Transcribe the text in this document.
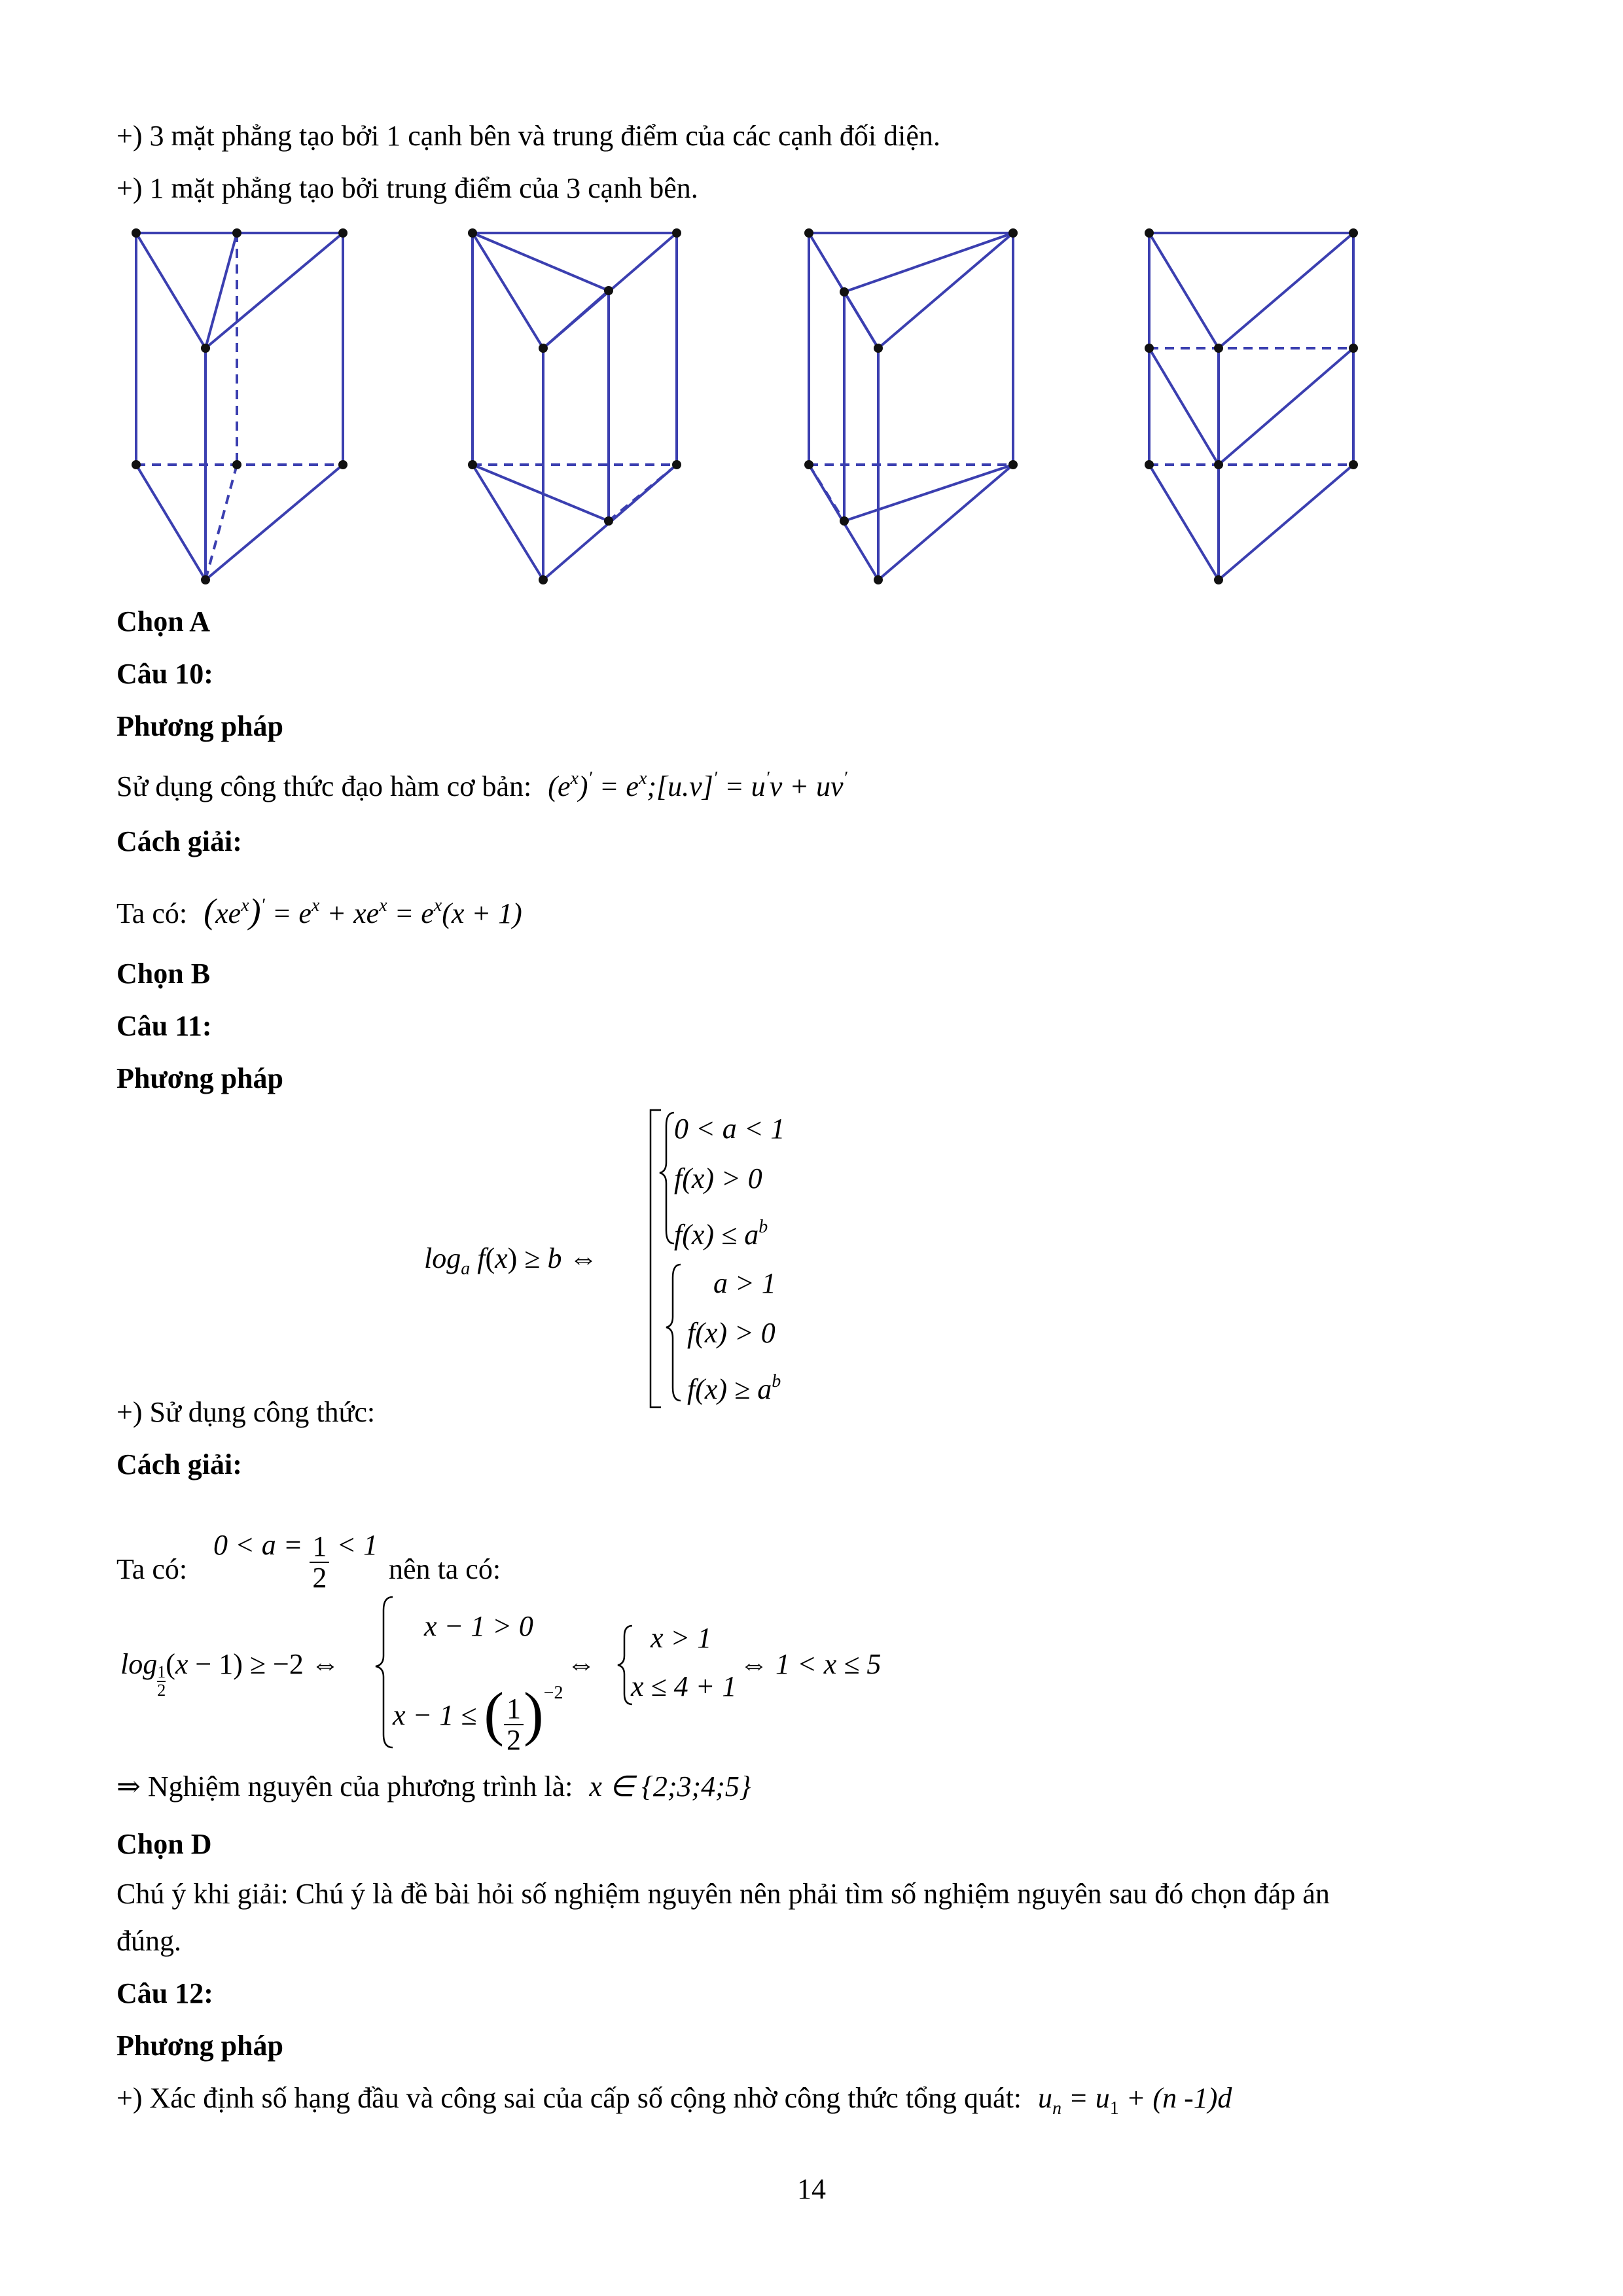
+) 3 mặt phẳng tạo bởi 1 cạnh bên và trung điểm của các cạnh đối diện.
+) 1 mặt phẳng tạo bởi trung điểm của 3 cạnh bên.
Chọn A
Câu 10:
Phương pháp
Sử dụng công thức đạo hàm cơ bản: $(e^x)'$ = $e^x;[u.v]' = u'v + uv'$
Cách giải:
Ta có: $(xe^x)' = e^x + xe^x = e^x(x + 1)$
Chọn B
Câu 11:
Phương pháp
$\log_a f(x) \ge b$ ⇔
0 < a < 1
f(x) > 0
$f(x) \le a^b$
a > 1
f(x) > 0
$f(x) \ge a^b$
+) Sử dụng công thức:
Cách giải:
Ta có:
$0 < a = \frac{1}{2} < 1$
nên ta có:
$\log \frac{1}{2} (x - 1) \ge -2$ ⇔
x − 1 > 0
x − 1 ≤ ( $\frac{1}{2} )^{-2}$
⇔
x > 1
x ≤ 4 + 1
⇔ 1 < x ≤ 5
⇒ Nghiệm nguyên của phương trình là: x ∈ {2;3;4;5}
Chọn D
Chú ý khi giải: Chú ý là đề bài hỏi số nghiệm nguyên nên phải tìm số nghiệm nguyên sau đó chọn đáp án
đúng.
Câu 12:
Phương pháp
+) Xác định số hạng đầu và công sai của cấp số cộng nhờ công thức tổng quát: $u_n = u_1 + (n$ -1)d
14
